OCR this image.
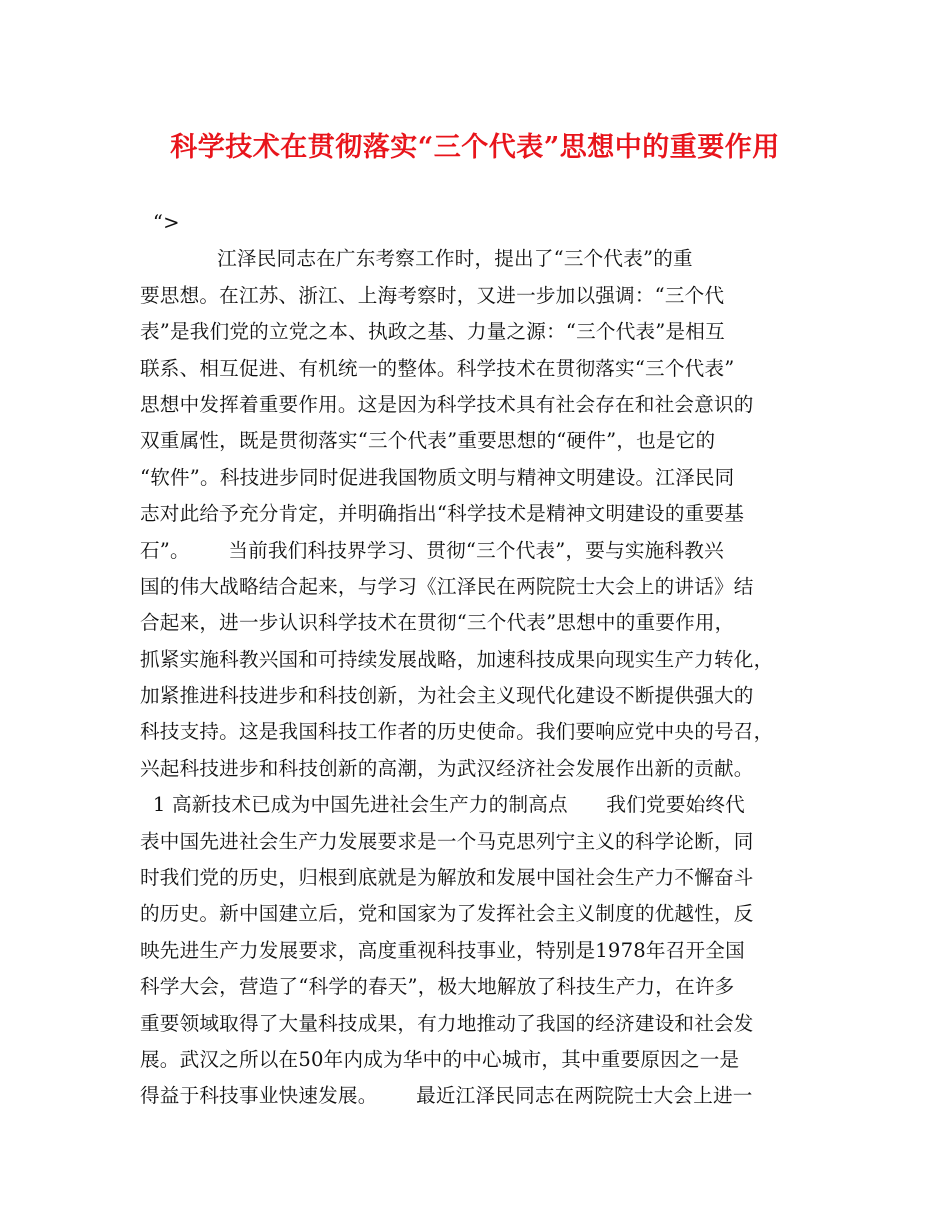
科学技术在贯彻落实“三个代表”思想中的重要作用
“>
江泽民同志在广东考察工作时，提出了“三个代表”的重
要思想。在江苏、浙江、上海考察时，又进一步加以强调：“三个代
表”是我们党的立党之本、执政之基、力量之源：“三个代表”是相互
联系、相互促进、有机统一的整体。科学技术在贯彻落实“三个代表”
思想中发挥着重要作用。这是因为科学技术具有社会存在和社会意识的
双重属性，既是贯彻落实“三个代表”重要思想的“硬件”，也是它的
“软件”。科技进步同时促进我国物质文明与精神文明建设。江泽民同
志对此给予充分肯定，并明确指出“科学技术是精神文明建设的重要基
石”。      当前我们科技界学习、贯彻“三个代表”，要与实施科教兴
国的伟大战略结合起来，与学习《江泽民在两院院士大会上的讲话》结
合起来，进一步认识科学技术在贯彻“三个代表”思想中的重要作用，
抓紧实施科教兴国和可持续发展战略，加速科技成果向现实生产力转化，
加紧推进科技进步和科技创新，为社会主义现代化建设不断提供强大的
科技支持。这是我国科技工作者的历史使命。我们要响应党中央的号召，
兴起科技进步和科技创新的高潮，为武汉经济社会发展作出新的贡献。
1 高新技术已成为中国先进社会生产力的制高点      我们党要始终代
表中国先进社会生产力发展要求是一个马克思列宁主义的科学论断，同
时我们党的历史，归根到底就是为解放和发展中国社会生产力不懈奋斗
的历史。新中国建立后，党和国家为了发挥社会主义制度的优越性，反
映先进生产力发展要求，高度重视科技事业，特别是1978年召开全国
科学大会，营造了“科学的春天”，极大地解放了科技生产力，在许多
重要领域取得了大量科技成果，有力地推动了我国的经济建设和社会发
展。武汉之所以在50年内成为华中的中心城市，其中重要原因之一是
得益于科技事业快速发展。      最近江泽民同志在两院院士大会上进一
